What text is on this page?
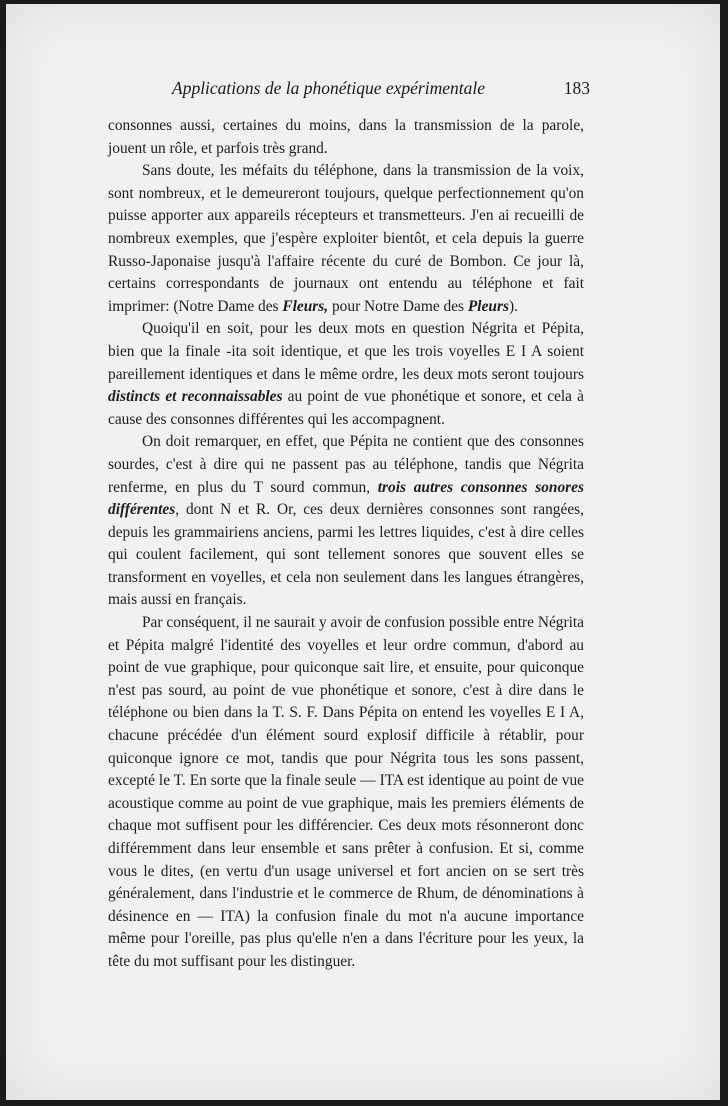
Applications de la phonétique expérimentale	183

consonnes aussi, certaines du moins, dans la transmission de la parole, jouent un rôle, et parfois très grand.

Sans doute, les méfaits du téléphone, dans la transmission de la voix, sont nombreux, et le demeureront toujours, quelque perfectionnement qu'on puisse apporter aux appareils récepteurs et transmetteurs. J'en ai recueilli de nombreux exemples, que j'espère exploiter bientôt, et cela depuis la guerre Russo-Japonaise jusqu'à l'affaire récente du curé de Bombon. Ce jour là, certains correspondants de journaux ont entendu au téléphone et fait imprimer: (Notre Dame des Fleurs, pour Notre Dame des Pleurs).

Quoiqu'il en soit, pour les deux mots en question Négrita et Pépita, bien que la finale -ita soit identique, et que les trois voyelles E I A soient pareillement identiques et dans le même ordre, les deux mots seront toujours distincts et reconnaissables au point de vue phonétique et sonore, et cela à cause des consonnes différentes qui les accompagnent.

On doit remarquer, en effet, que Pépita ne contient que des consonnes sourdes, c'est à dire qui ne passent pas au téléphone, tandis que Négrita renferme, en plus du T sourd commun, trois autres consonnes sonores différentes, dont N et R. Or, ces deux dernières consonnes sont rangées, depuis les grammairiens anciens, parmi les lettres liquides, c'est à dire celles qui coulent facilement, qui sont tellement sonores que souvent elles se transforment en voyelles, et cela non seulement dans les langues étrangères, mais aussi en français.

Par conséquent, il ne saurait y avoir de confusion possible entre Négrita et Pépita malgré l'identité des voyelles et leur ordre commun, d'abord au point de vue graphique, pour quiconque sait lire, et ensuite, pour quiconque n'est pas sourd, au point de vue phonétique et sonore, c'est à dire dans le téléphone ou bien dans la T. S. F. Dans Pépita on entend les voyelles E I A, chacune précédée d'un élément sourd explosif difficile à rétablir, pour quiconque ignore ce mot, tandis que pour Négrita tous les sons passent, excepté le T. En sorte que la finale seule — ITA est identique au point de vue acoustique comme au point de vue graphique, mais les premiers éléments de chaque mot suffisent pour les différencier. Ces deux mots résonneront donc différemment dans leur ensemble et sans prêter à confusion. Et si, comme vous le dites, (en vertu d'un usage universel et fort ancien on se sert très généralement, dans l'industrie et le commerce de Rhum, de dénominations à désinence en — ITA) la confusion finale du mot n'a aucune importance même pour l'oreille, pas plus qu'elle n'en a dans l'écriture pour les yeux, la tête du mot suffisant pour les distinguer.
